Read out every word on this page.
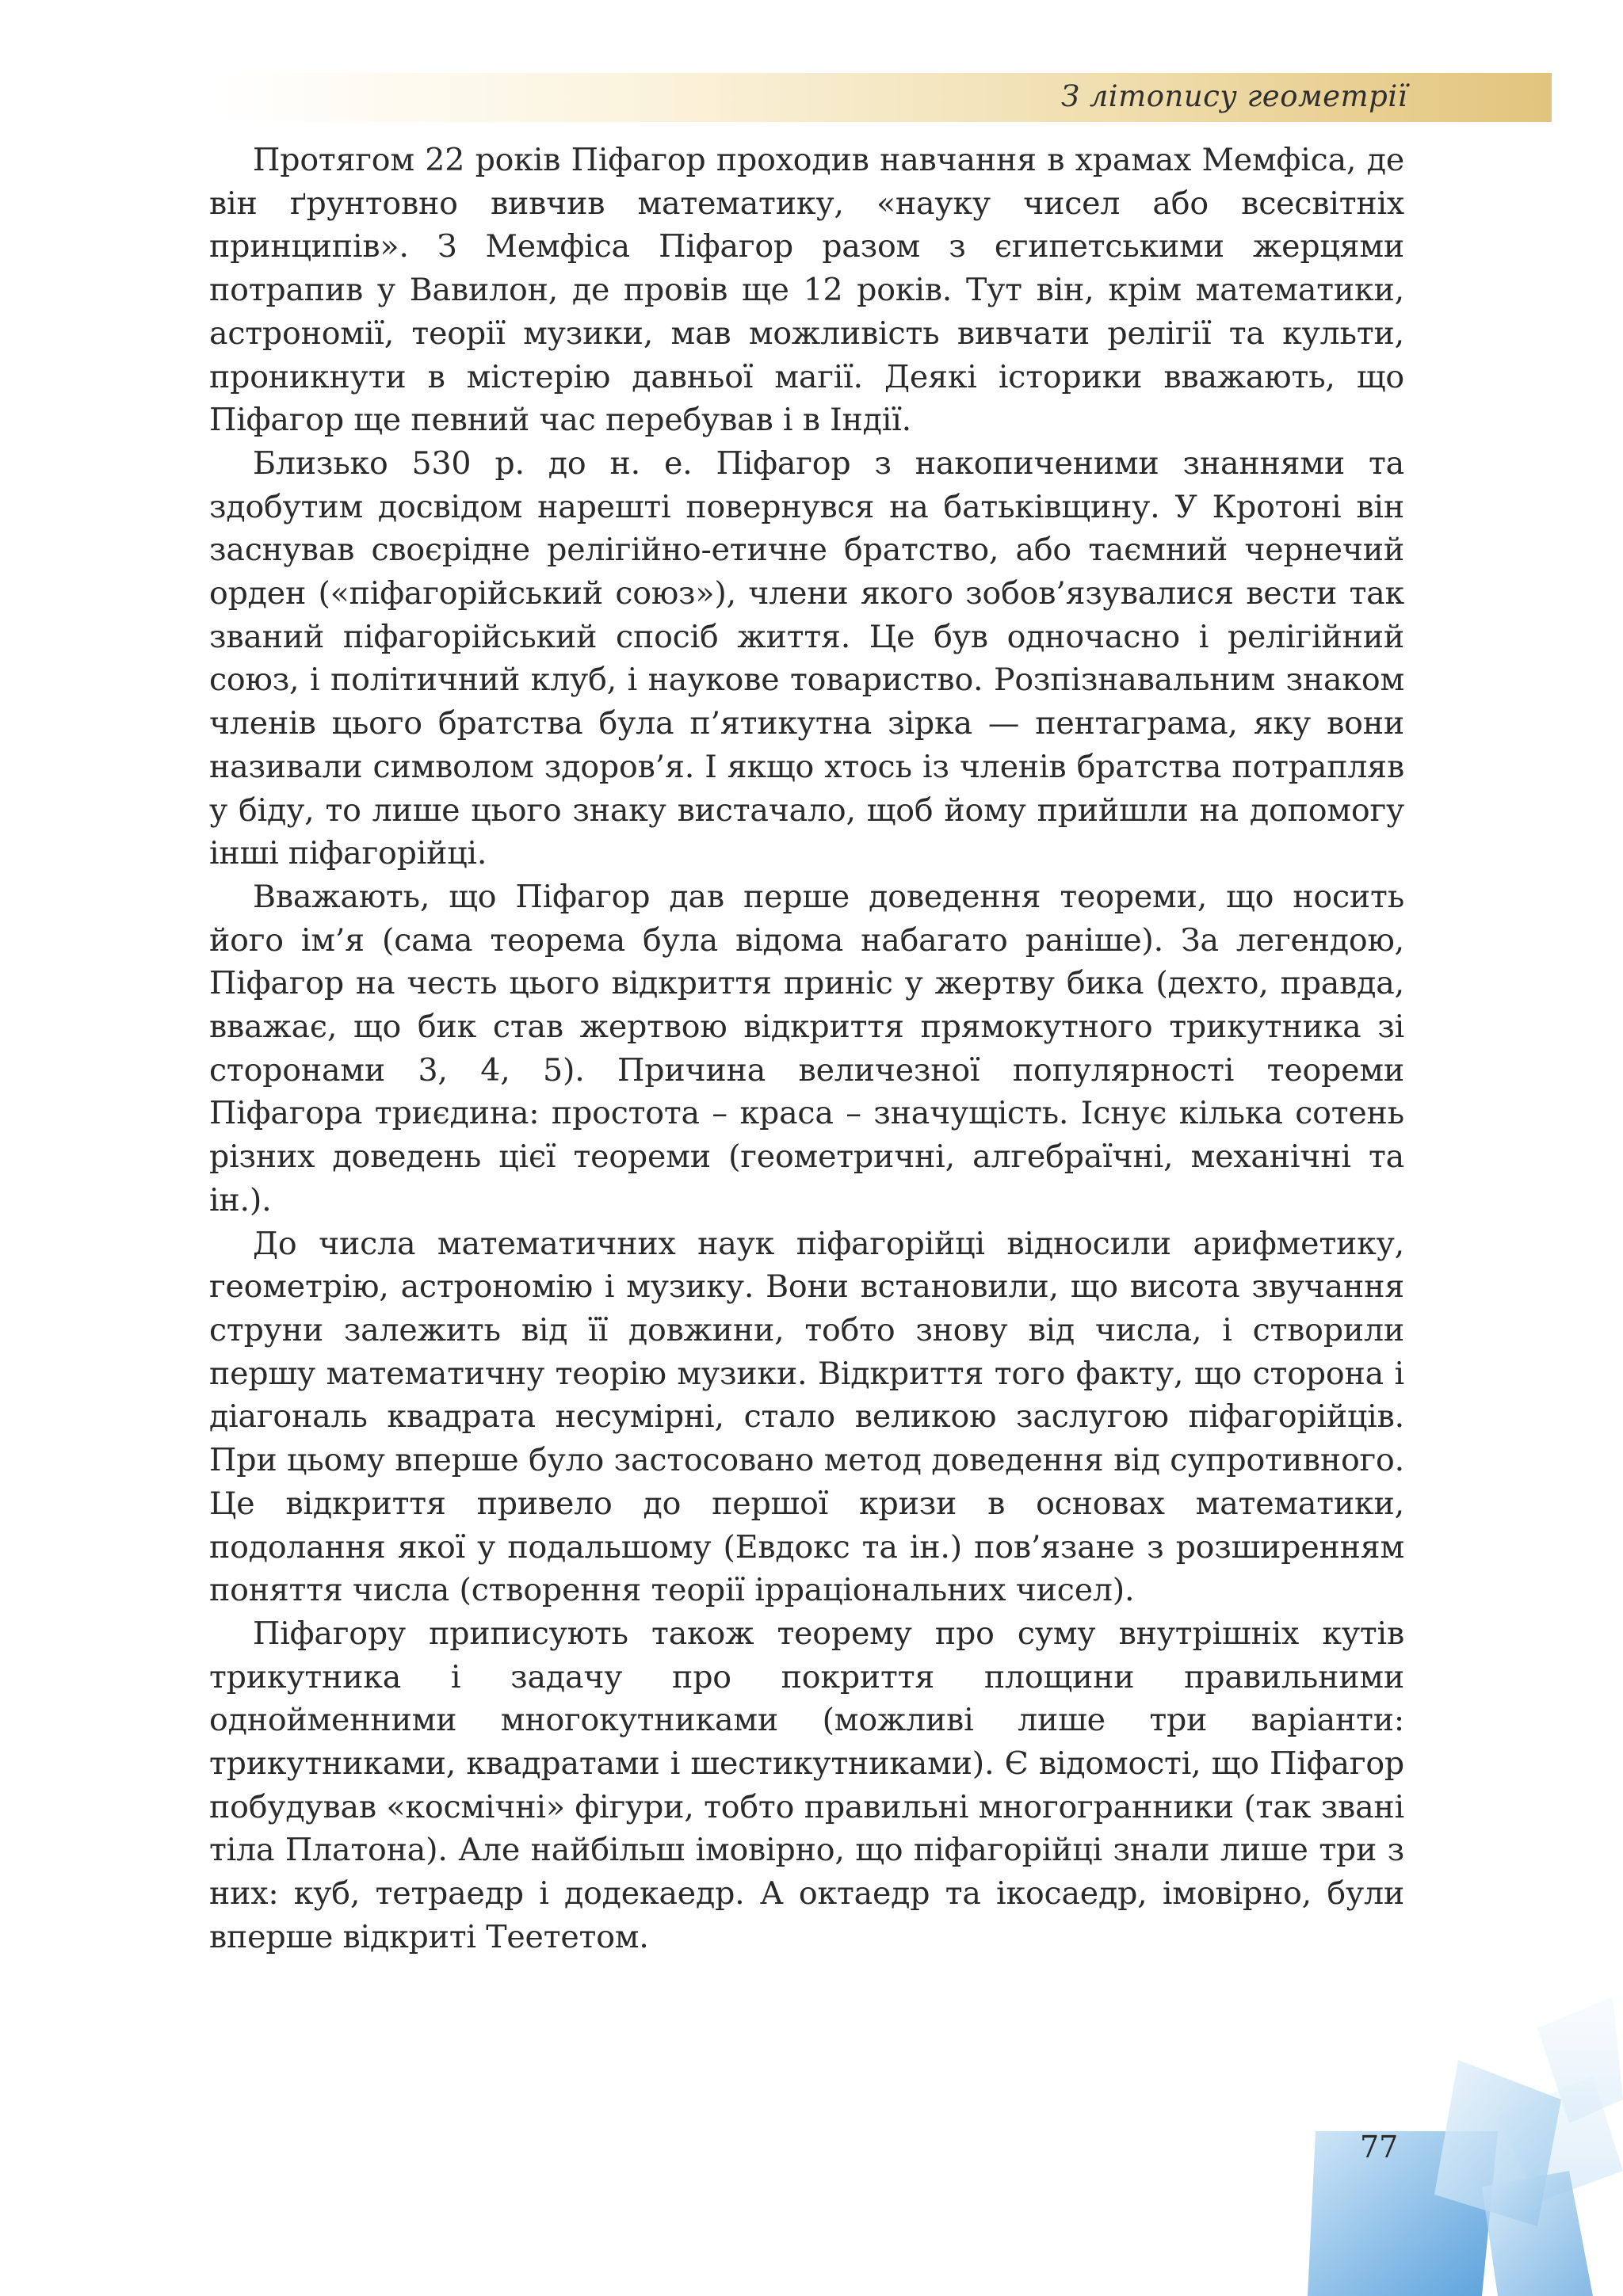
З літопису геометрії

Протягом 22 років Піфагор проходив навчання в храмах Мемфіса, де він ґрунтовно вивчив математику, «науку чисел або всесвітніх принципів». З Мемфіса Піфагор разом з єгипетськими жерцями потрапив у Вавилон, де провів ще 12 років. Тут він, крім математики, астрономії, теорії музики, мав можливість вивчати релігії та культи, проникнути в містерію давньої магії. Деякі історики вважають, що Піфагор ще певний час перебував і в Індії.

Близько 530 р. до н. е. Піфагор з накопиченими знаннями та здобутим досвідом нарешті повернувся на батьківщину. У Кротоні він заснував своєрідне релігійно-етичне братство, або таємний чернечий орден («піфагорійський союз»), члени якого зобов’язувалися вести так званий піфагорійський спосіб життя. Це був одночасно і релігійний союз, і політичний клуб, і наукове товариство. Розпізнавальним знаком членів цього братства була п’ятикутна зірка — пентаграма, яку вони називали символом здоров’я. І якщо хтось із членів братства потрапляв у біду, то лише цього знаку вистачало, щоб йому прийшли на допомогу інші піфагорійці.

Вважають, що Піфагор дав перше доведення теореми, що носить його ім’я (сама теорема була відома набагато раніше). За легендою, Піфагор на честь цього відкриття приніс у жертву бика (дехто, правда, вважає, що бик став жертвою відкриття прямокутного трикутника зі сторонами 3, 4, 5). Причина величезної популярності теореми Піфагора триєдина: простота – краса – значущість. Існує кілька сотень різних доведень цієї теореми (геометричні, алгебраїчні, механічні та ін.).

До числа математичних наук піфагорійці відносили арифметику, геометрію, астрономію і музику. Вони встановили, що висота звучання струни залежить від її довжини, тобто знову від числа, і створили першу математичну теорію музики. Відкриття того факту, що сторона і діагональ квадрата несумірні, стало великою заслугою піфагорійців. При цьому вперше було застосовано метод доведення від супротивного. Це відкриття привело до першої кризи в основах математики, подолання якої у подальшому (Евдокс та ін.) пов’язане з розширенням поняття числа (створення теорії ірраціональних чисел).

Піфагору приписують також теорему про суму внутрішніх кутів трикутника і задачу про покриття площини правильними однойменними многокутниками (можливі лише три варіанти: трикутниками, квадратами і шестикутниками). Є відомості, що Піфагор побудував «космічні» фігури, тобто правильні многогранники (так звані тіла Платона). Але найбільш імовірно, що піфагорійці знали лише три з них: куб, тетраедр і додекаедр. А октаедр та ікосаедр, імовірно, були вперше відкриті Теететом.

77
